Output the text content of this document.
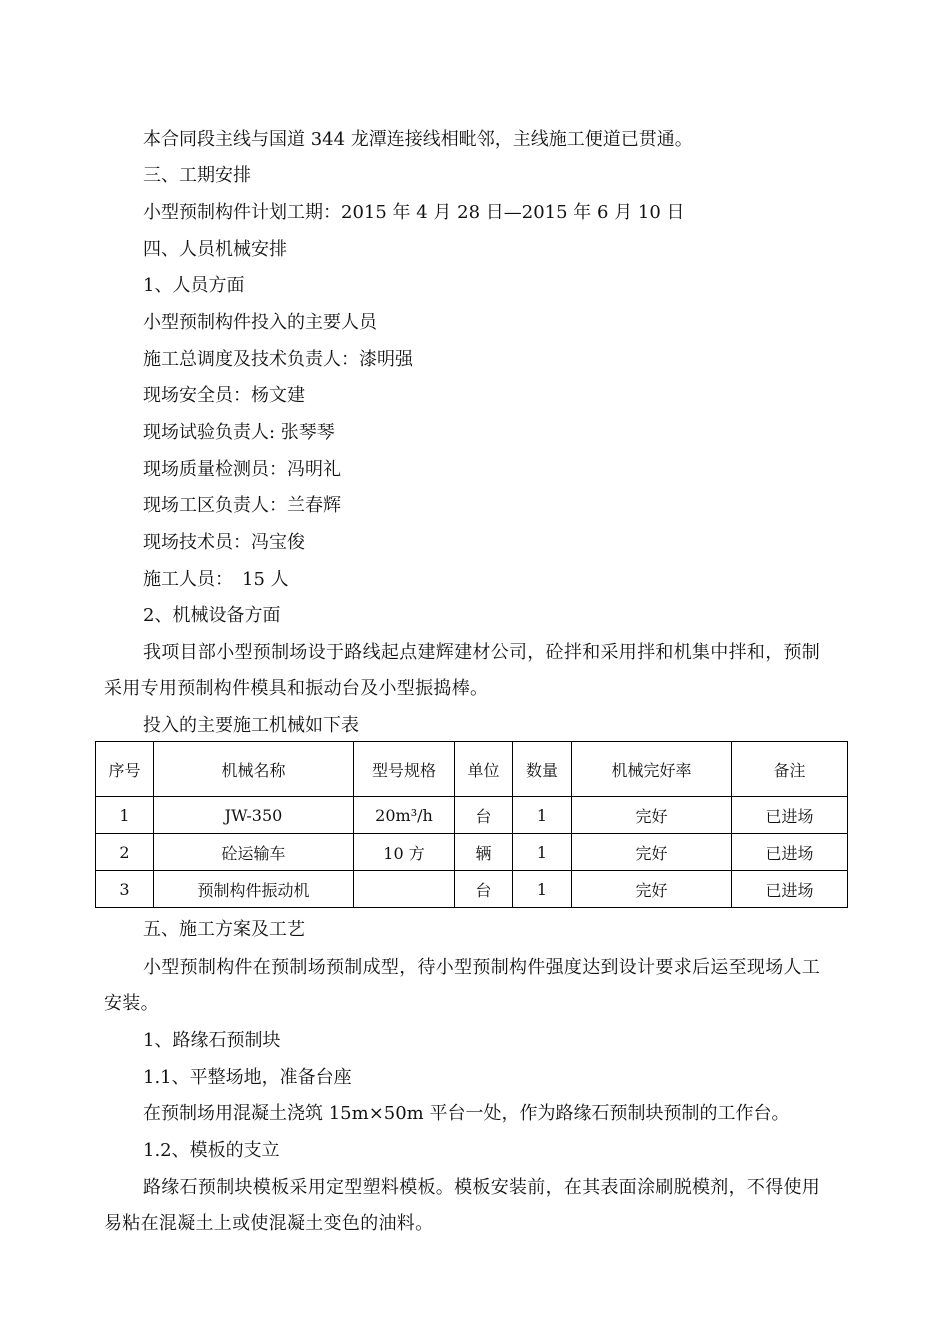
本合同段主线与国道 344 龙潭连接线相毗邻，主线施工便道已贯通。

三、工期安排

小型预制构件计划工期：2015 年 4 月 28 日—2015 年 6 月 10 日

四、人员机械安排

1、人员方面

小型预制构件投入的主要人员

施工总调度及技术负责人：漆明强

现场安全员：杨文建

现场试验负责人: 张琴琴

现场质量检测员：冯明礼

现场工区负责人：兰春辉

现场技术员：冯宝俊

施工人员：　15 人

2、机械设备方面

我项目部小型预制场设于路线起点建辉建材公司，砼拌和采用拌和机集中拌和，预制采用专用预制构件模具和振动台及小型振捣棒。

投入的主要施工机械如下表

序号	机械名称	型号规格	单位	数量	机械完好率	备注
1	JW-350	20m³/h	台	1	完好	已进场
2	砼运输车	10 方	辆	1	完好	已进场
3	预制构件振动机		台	1	完好	已进场

五、施工方案及工艺

小型预制构件在预制场预制成型，待小型预制构件强度达到设计要求后运至现场人工安装。

1、路缘石预制块

1.1、平整场地，准备台座

在预制场用混凝土浇筑 15m×50m 平台一处，作为路缘石预制块预制的工作台。

1.2、模板的支立

路缘石预制块模板采用定型塑料模板。模板安装前，在其表面涂刷脱模剂，不得使用易粘在混凝土上或使混凝土变色的油料。
